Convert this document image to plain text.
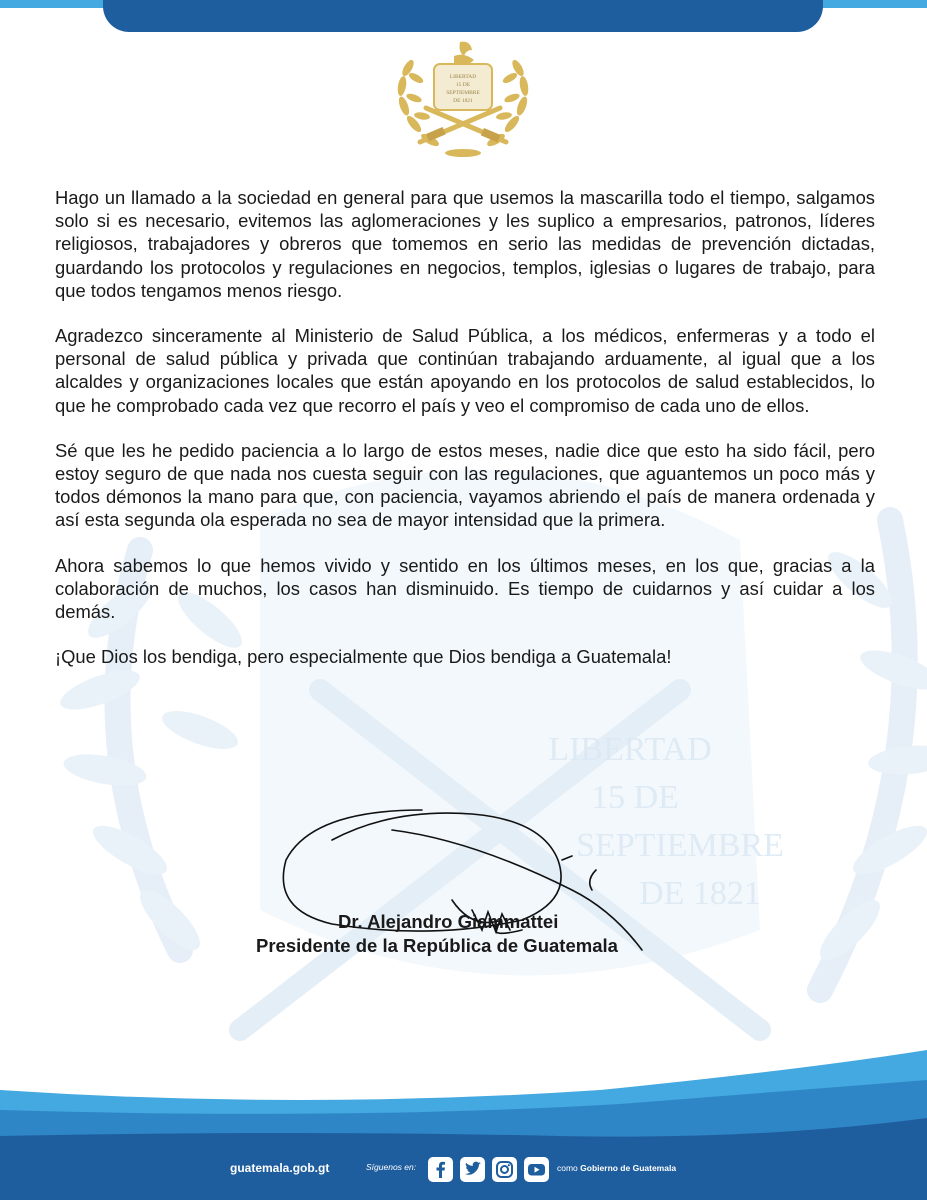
LIBERTAD
15 DE
SEPTIEMBRE
DE 1821
LIBERTAD
15 DE
SEPTIEMBRE
DE 1821

Hago un llamado a la sociedad en general para que usemos la mascarilla todo el tiempo, salgamos solo si es necesario, evitemos las aglomeraciones y les suplico a empresarios, patronos, líderes religiosos, trabajadores y obreros que tomemos en serio las medidas de prevención dictadas, guardando los protocolos y regulaciones en negocios, templos, iglesias o lugares de trabajo, para que todos tengamos menos riesgo.

Agradezco sinceramente al Ministerio de Salud Pública, a los médicos, enfermeras y a todo el personal de salud pública y privada que continúan trabajando arduamente, al igual que a los alcaldes y organizaciones locales que están apoyando en los protocolos de salud establecidos, lo que he comprobado cada vez que recorro el país y veo el compromiso de cada uno de ellos.

Sé que les he pedido paciencia a lo largo de estos meses, nadie dice que esto ha sido fácil, pero estoy seguro de que nada nos cuesta seguir con las regulaciones, que aguantemos un poco más y todos démonos la mano para que, con paciencia, vayamos abriendo el país de manera ordenada y así esta segunda ola esperada no sea de mayor intensidad que la primera.

Ahora sabemos lo que hemos vivido y sentido en los últimos meses, en los que, gracias a la colaboración de muchos, los casos han disminuido. Es tiempo de cuidarnos y así cuidar a los demás.

¡Que Dios los bendiga, pero especialmente que Dios bendiga a Guatemala!

Dr. Alejandro Giammattei
Presidente de la República de Guatemala
guatemala.gob.gt	Síguenos en:	como Gobierno de Guatemala
